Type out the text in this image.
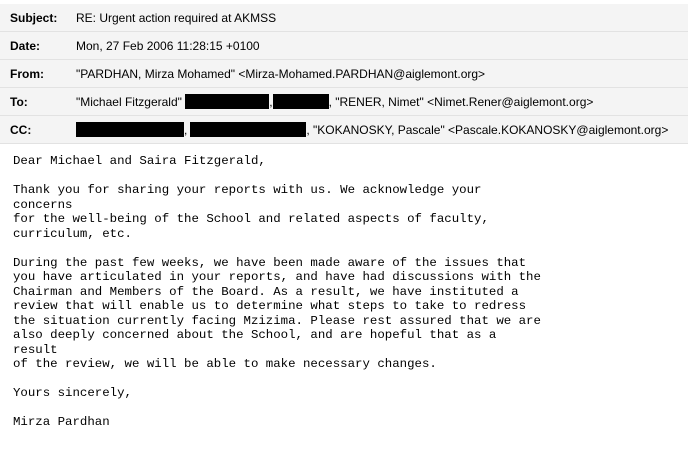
Subject: RE: Urgent action required at AKMSS
Date:	Mon, 27 Feb 2006 11:28:15 +0100
From:	"PARDHAN, Mirza Mohamed" <Mirza-Mohamed.PARDHAN@aiglemont.org>
To:	"Michael Fitzgerald"	,	, "RENER, Nimet" <Nimet.Rener@aiglemont.org>
CC:	,	, "KOKANOSKY, Pascale" <Pascale.KOKANOSKY@aiglemont.org>
Dear Michael and Saira Fitzgerald,
Thank you for sharing your reports with us. We acknowledge your
concerns
for the well-being of the School and related aspects of faculty,
curriculum, etc.
During the past few weeks, we have been made aware of the issues that
you have articulated in your reports, and have had discussions with the
Chairman and Members of the Board. As a result, we have instituted a
review that will enable us to determine what steps to take to redress
the situation currently facing Mzizima. Please rest assured that we are
also deeply concerned about the School, and are hopeful that as a
result
of the review, we will be able to make necessary changes.
Yours sincerely,
Mirza Pardhan
